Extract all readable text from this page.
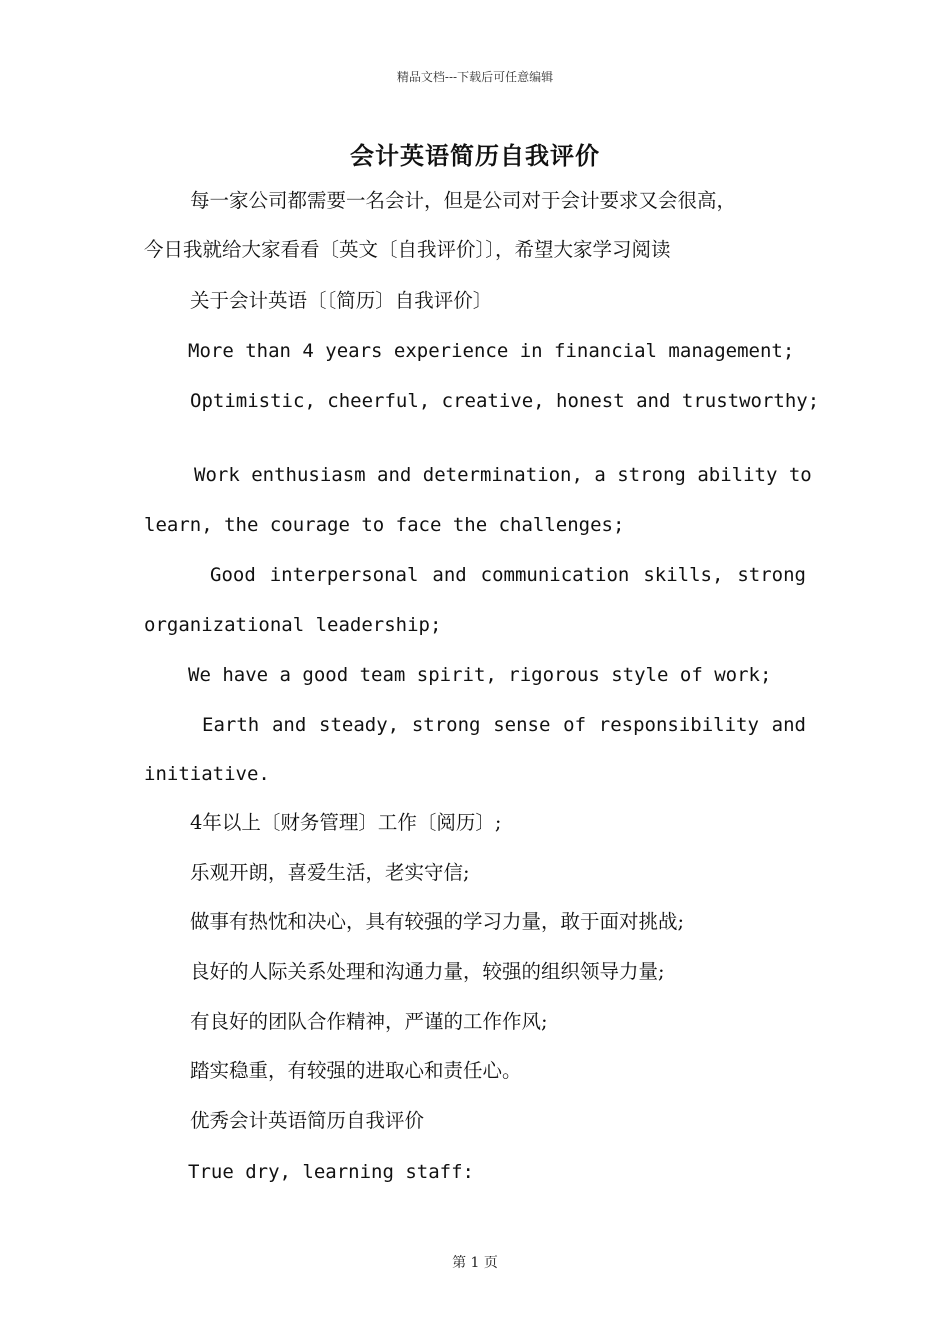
精品文档---下载后可任意编辑
会计英语简历自我评价
每一家公司都需要一名会计，但是公司对于会计要求又会很高，
今日我就给大家看看〔英文〔自我评价〕〕，希望大家学习阅读
关于会计英语〔〔简历〕自我评价〕
More than 4 years experience in financial management;
Optimistic, cheerful, creative, honest and trustworthy;
Work enthusiasm and determination, a strong ability to
learn, the courage to face the challenges;
Good interpersonal and communication skills, strong
organizational leadership;
We have a good team spirit, rigorous style of work;
Earth and steady, strong sense of responsibility and
initiative.
4年以上〔财务管理〕工作〔阅历〕;
乐观开朗，喜爱生活，老实守信;
做事有热忱和决心，具有较强的学习力量，敢于面对挑战;
良好的人际关系处理和沟通力量，较强的组织领导力量;
有良好的团队合作精神，严谨的工作作风;
踏实稳重，有较强的进取心和责任心。
优秀会计英语简历自我评价
True dry, learning staff:
第 1 页
